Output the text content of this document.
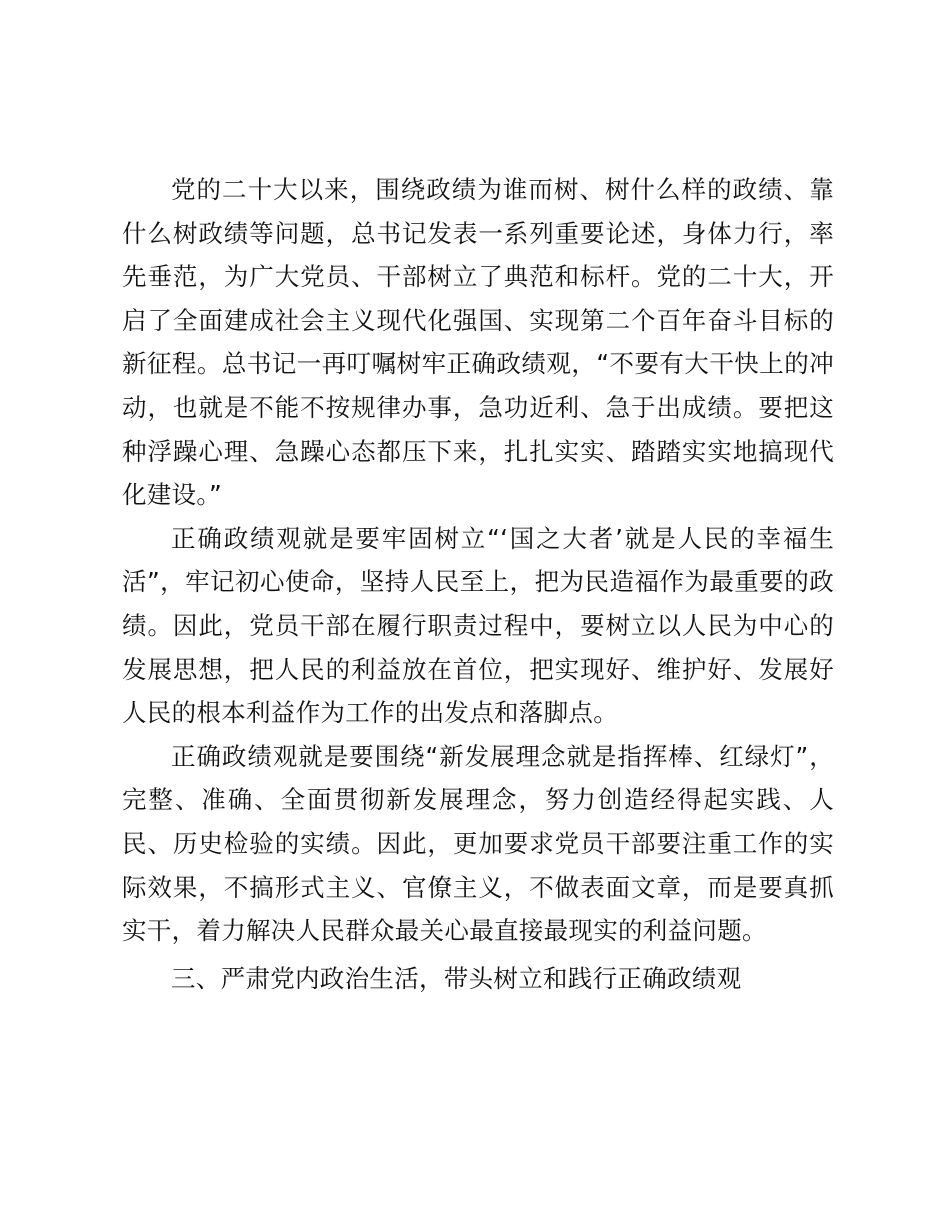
党的二十大以来，围绕政绩为谁而树、树什么样的政绩、靠什么树政绩等问题，总书记发表一系列重要论述，身体力行，率先垂范，为广大党员、干部树立了典范和标杆。党的二十大，开启了全面建成社会主义现代化强国、实现第二个百年奋斗目标的新征程。总书记一再叮嘱树牢正确政绩观，“不要有大干快上的冲动，也就是不能不按规律办事，急功近利、急于出成绩。要把这种浮躁心理、急躁心态都压下来，扎扎实实、踏踏实实地搞现代化建设。”

正确政绩观就是要牢固树立“‘国之大者’就是人民的幸福生活”，牢记初心使命，坚持人民至上，把为民造福作为最重要的政绩。因此，党员干部在履行职责过程中，要树立以人民为中心的发展思想，把人民的利益放在首位，把实现好、维护好、发展好人民的根本利益作为工作的出发点和落脚点。

正确政绩观就是要围绕“新发展理念就是指挥棒、红绿灯”，完整、准确、全面贯彻新发展理念，努力创造经得起实践、人民、历史检验的实绩。因此，更加要求党员干部要注重工作的实际效果，不搞形式主义、官僚主义，不做表面文章，而是要真抓实干，着力解决人民群众最关心最直接最现实的利益问题。

三、严肃党内政治生活，带头树立和践行正确政绩观
